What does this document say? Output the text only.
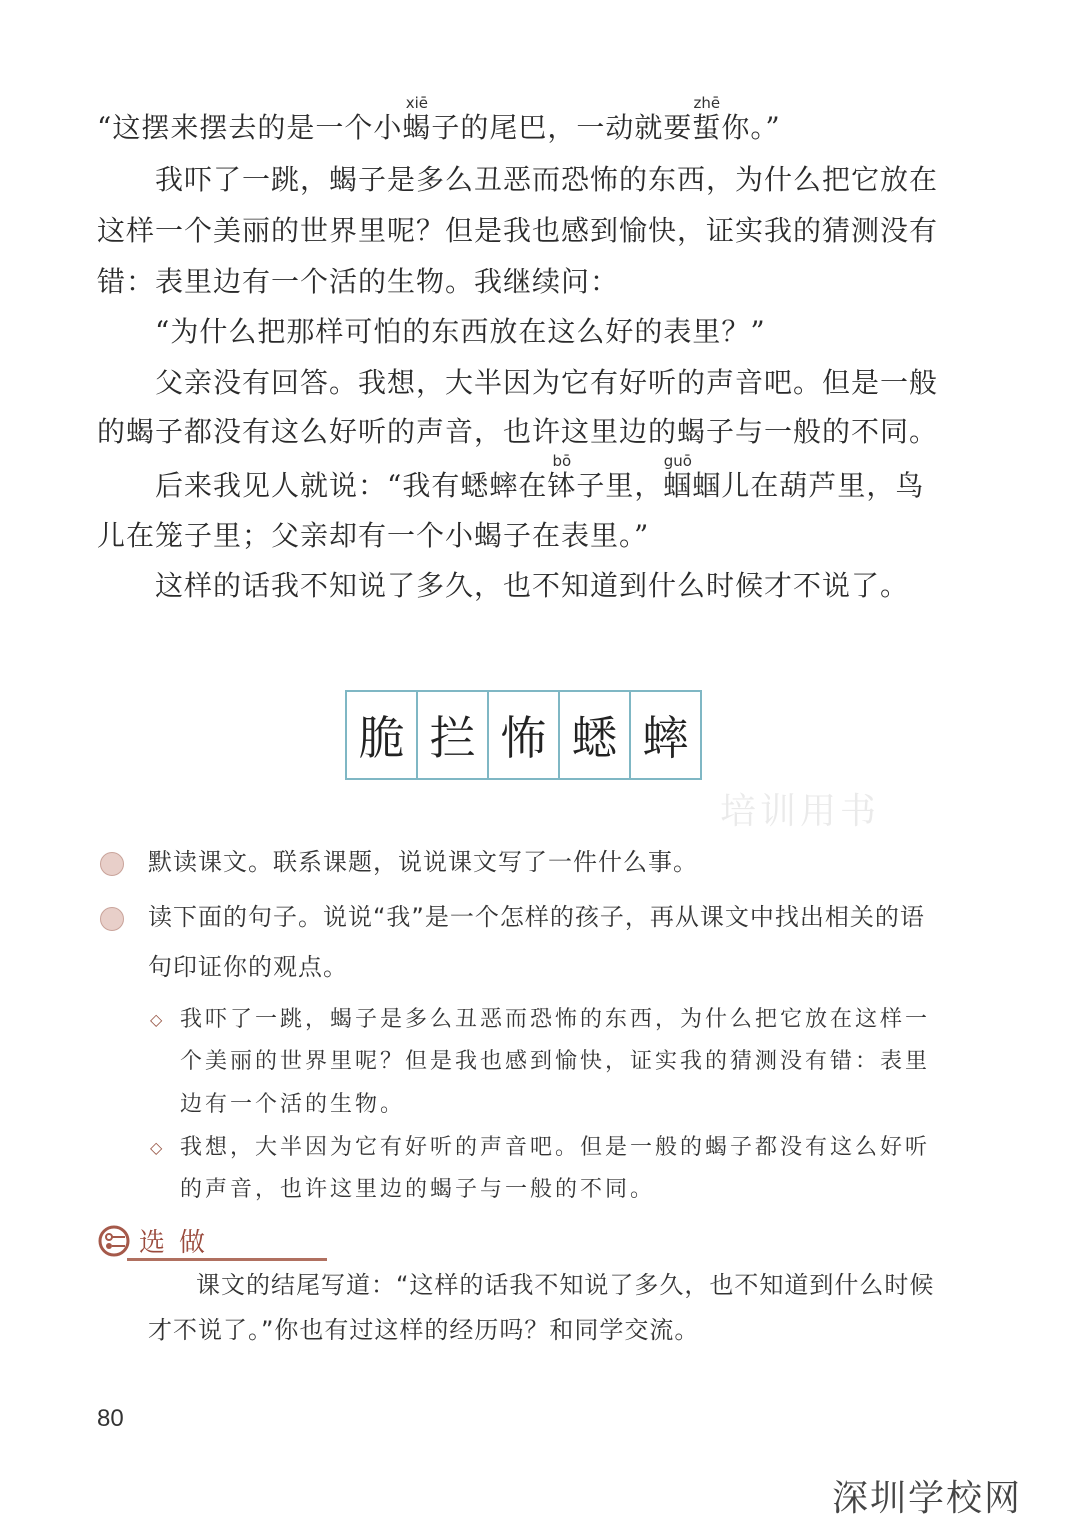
“这摆来摆去的是一个小
xiē
蝎子的尾巴，一动就要
zhē
蜇你。”
我吓了一跳，蝎子是多么丑恶而恐怖的东西，为什么把它放在
这样一个美丽的世界里呢？但是我也感到愉快，证实我的猜测没有
错：表里边有一个活的生物。我继续问：
“为什么把那样可怕的东西放在这么好的表里？”
父亲没有回答。我想，大半因为它有好听的声音吧。但是一般
的蝎子都没有这么好听的声音，也许这里边的蝎子与一般的不同。
后来我见人就说：“我有蟋蟀在
bō
钵子里，
guō
蝈蝈儿在葫芦里，鸟
儿在笼子里；父亲却有一个小蝎子在表里。”
这样的话我不知说了多久，也不知道到什么时候才不说了。
脆 拦 怖 蟋 蟀
培训用书
默读课文。联系课题，说说课文写了一件什么事。
读下面的句子。说说“我”是一个怎样的孩子，再从课文中找出相关的语
句印证你的观点。
◇ 我吓了一跳，蝎子是多么丑恶而恐怖的东西，为什么把它放在这样一
个美丽的世界里呢？但是我也感到愉快，证实我的猜测没有错：表里
边有一个活的生物。
◇ 我想，大半因为它有好听的声音吧。但是一般的蝎子都没有这么好听
的声音，也许这里边的蝎子与一般的不同。
选做
课文的结尾写道：“这样的话我不知说了多久，也不知道到什么时候
才不说了。”你也有过这样的经历吗？和同学交流。
80
深圳学校网
